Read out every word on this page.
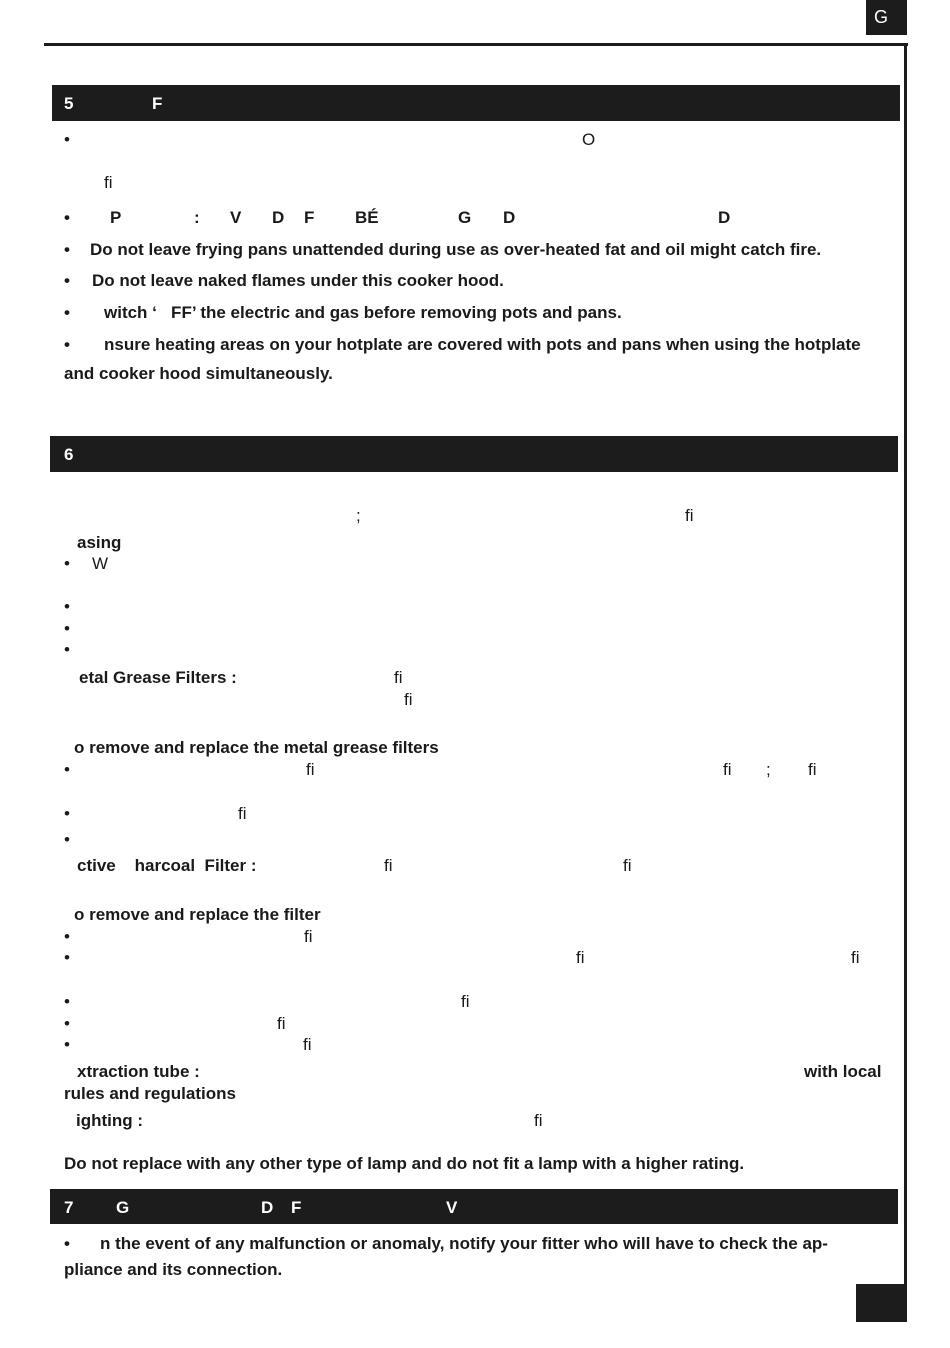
G
5	F
•	O
fi
• P	: V D F BÉ	G D	D
• Do not leave frying pans unattended during use as over-heated fat and oil might catch fire.
• Do not leave naked flames under this cooker hood.
• witch ‘   FF’ the electric and gas before removing pots and pans.
• nsure heating areas on your hotplate are covered with pots and pans when using the hotplate
and cooker hood simultaneously.
6
;	fi
asing
• W
•
•
•
etal Grease Filters :	fi
fi
o remove and replace the metal grease filters
•	fi	fi ; fi
•	fi
•
ctive    harcoal  Filter :	fi	fi
o remove and replace the filter
•	fi
•	fi	fi
•	fi
•	fi
•	fi
xtraction tube :	with local
rules and regulations
ighting :	fi
Do not replace with any other type of lamp and do not fit a lamp with a higher rating.
7	G	D F	V
• n the event of any malfunction or anomaly, notify your fitter who will have to check the ap-
pliance and its connection.
